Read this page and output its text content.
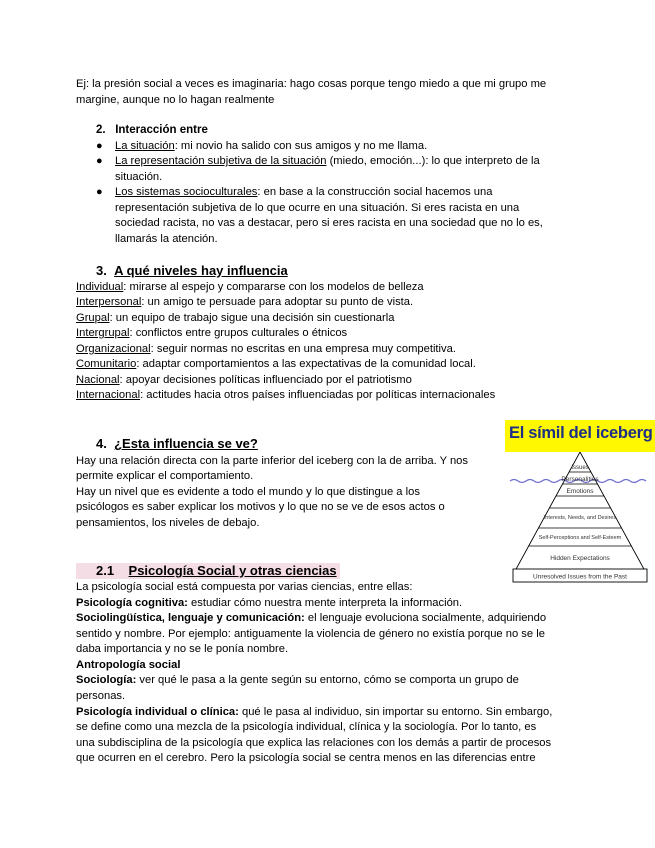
Ej: la presión social a veces es imaginaria: hago cosas porque tengo miedo a que mi grupo me
margine, aunque no lo hagan realmente
2. Interacción entre
● La situación: mi novio ha salido con sus amigos y no me llama.
● La representación subjetiva de la situación (miedo, emoción...): lo que interpreto de la
situación.
● Los sistemas socioculturales: en base a la construcción social hacemos una
representación subjetiva de lo que ocurre en una situación. Si eres racista en una
sociedad racista, no vas a destacar, pero si eres racista en una sociedad que no lo es,
llamarás la atención.
3. A qué niveles hay influencia
Individual: mirarse al espejo y compararse con los modelos de belleza
Interpersonal: un amigo te persuade para adoptar su punto de vista.
Grupal: un equipo de trabajo sigue una decisión sin cuestionarla
Intergrupal: conflictos entre grupos culturales o étnicos
Organizacional: seguir normas no escritas en una empresa muy competitiva.
Comunitario: adaptar comportamientos a las expectativas de la comunidad local.
Nacional: apoyar decisiones políticas influenciado por el patriotismo
Internacional: actitudes hacia otros países influenciadas por políticas internacionales
4. ¿Esta influencia se ve?
Hay una relación directa con la parte inferior del iceberg con la de arriba. Y nos
permite explicar el comportamiento.
Hay un nivel que es evidente a todo el mundo y lo que distingue a los
psicólogos es saber explicar los motivos y lo que no se ve de esos actos o
pensamientos, los niveles de debajo.
El símil del iceberg
Issues
Personalities
Emotions
Interests, Needs, and Desires
Self-Perceptions and Self-Esteem
Hidden Expectations
Unresolved Issues from the Past
2.1 Psicología Social y otras ciencias
La psicología social está compuesta por varias ciencias, entre ellas:
Psicología cognitiva: estudiar cómo nuestra mente interpreta la información.
Sociolingüística, lenguaje y comunicación: el lenguaje evoluciona socialmente, adquiriendo
sentido y nombre. Por ejemplo: antiguamente la violencia de género no existía porque no se le
daba importancia y no se le ponía nombre.
Antropología social
Sociología: ver qué le pasa a la gente según su entorno, cómo se comporta un grupo de
personas.
Psicología individual o clínica: qué le pasa al individuo, sin importar su entorno. Sin embargo,
se define como una mezcla de la psicología individual, clínica y la sociología. Por lo tanto, es
una subdisciplina de la psicología que explica las relaciones con los demás a partir de procesos
que ocurren en el cerebro. Pero la psicología social se centra menos en las diferencias entre
